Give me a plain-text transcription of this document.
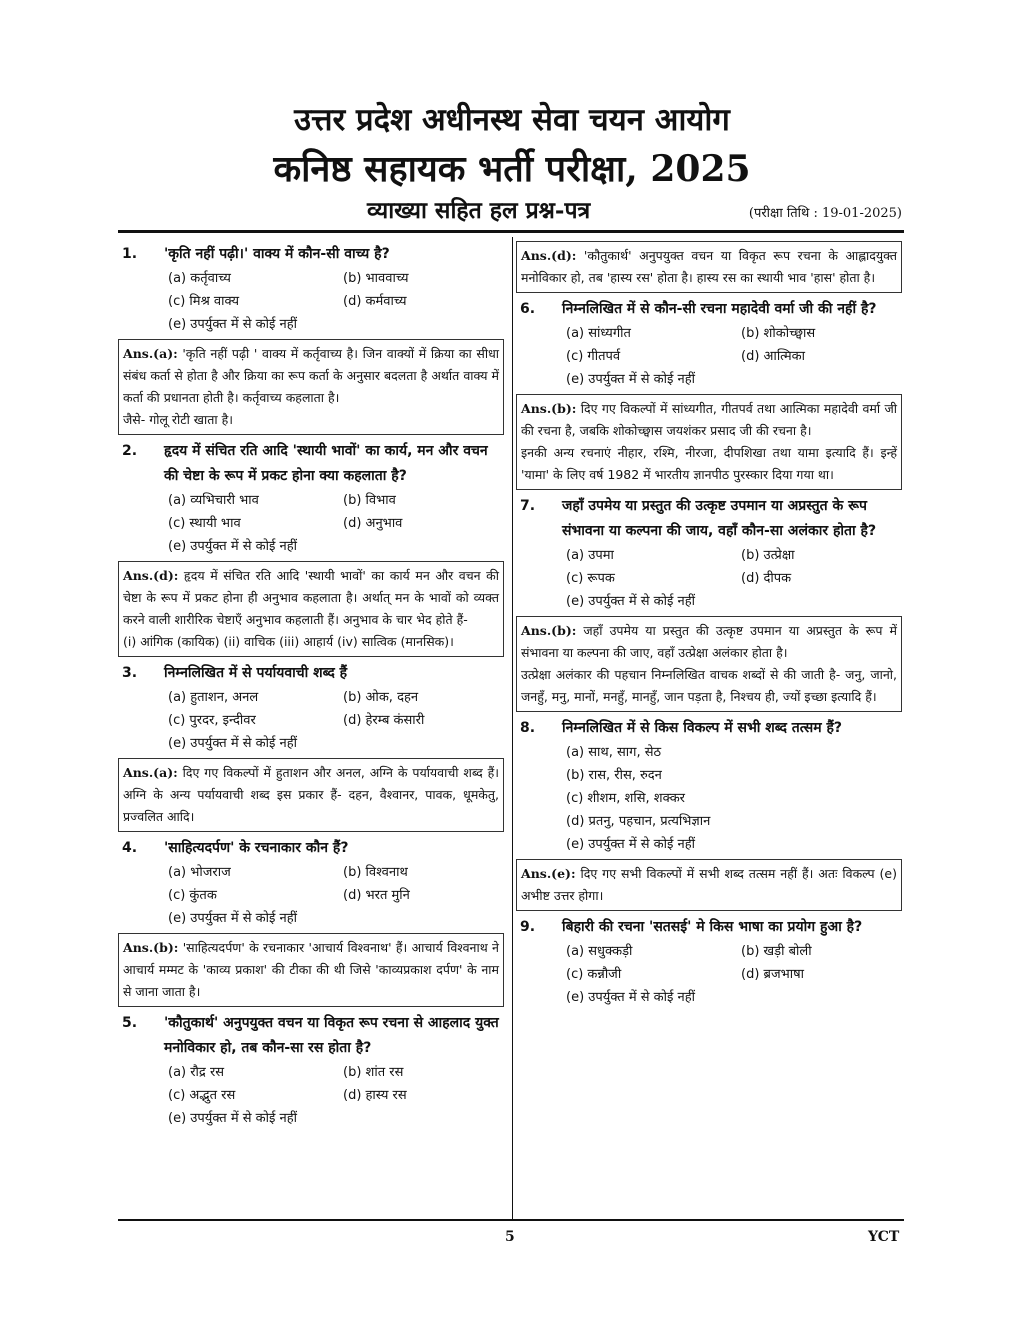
उत्तर प्रदेश अधीनस्थ सेवा चयन आयोग
कनिष्ठ सहायक भर्ती परीक्षा, 2025
व्याख्या सहित हल प्रश्न-पत्र	(परीक्षा तिथि : 19-01-2025)
1. 'कृति नहीं पढ़ी।' वाक्य में कौन-सी वाच्य है?
(a) कर्तृवाच्य	(b) भाववाच्य
(c) मिश्र वाक्य	(d) कर्मवाच्य
(e) उपर्युक्त में से कोई नहीं

Ans.(a): 'कृति नहीं पढ़ी ' वाक्य में कर्तृवाच्य है। जिन वाक्यों में क्रिया का सीधा संबंध कर्ता से होता है और क्रिया का रूप कर्ता के अनुसार बदलता है अर्थात वाक्य में कर्ता की प्रधानता होती है। कर्तृवाच्य कहलाता है।

जैसे- गोलू रोटी खाता है।

2. हृदय में संचित रति आदि 'स्थायी भावों' का कार्य, मन और वचन की चेष्टा के रूप में प्रकट होना क्या कहलाता है?
(a) व्यभिचारी भाव	(b) विभाव
(c) स्थायी भाव	(d) अनुभाव
(e) उपर्युक्त में से कोई नहीं

Ans.(d): हृदय में संचित रति आदि 'स्थायी भावों' का कार्य मन और वचन की चेष्टा के रूप में प्रकट होना ही अनुभाव कहलाता है। अर्थात् मन के भावों को व्यक्त करने वाली शारीरिक चेष्टाएँ अनुभाव कहलाती हैं। अनुभाव के चार भेद होते हैं-

(i) आंगिक (कायिक) (ii) वाचिक (iii) आहार्य (iv) सात्विक (मानसिक)।

3. निम्नलिखित में से पर्यायवाची शब्द हैं
(a) हुताशन, अनल	(b) ओक, दहन
(c) पुरदर, इन्दीवर	(d) हेरम्ब कंसारी
(e) उपर्युक्त में से कोई नहीं

Ans.(a): दिए गए विकल्पों में हुताशन और अनल, अग्नि के पर्यायवाची शब्द हैं। अग्नि के अन्य पर्यायवाची शब्द इस प्रकार हैं- दहन, वैश्वानर, पावक, धूमकेतु, प्रज्वलित आदि।

4. 'साहित्यदर्पण' के रचनाकार कौन हैं?
(a) भोजराज	(b) विश्वनाथ
(c) कुंतक	(d) भरत मुनि
(e) उपर्युक्त में से कोई नहीं

Ans.(b): 'साहित्यदर्पण' के रचनाकार 'आचार्य विश्वनाथ' हैं। आचार्य विश्वनाथ ने आचार्य मम्मट के 'काव्य प्रकाश' की टीका की थी जिसे 'काव्यप्रकाश दर्पण' के नाम से जाना जाता है।

5. 'कौतुकार्थ' अनुपयुक्त वचन या विकृत रूप रचना से आहलाद युक्त मनोविकार हो, तब कौन-सा रस होता है?
(a) रौद्र रस	(b) शांत रस
(c) अद्भुत रस	(d) हास्य रस
(e) उपर्युक्त में से कोई नहीं

Ans.(d): 'कौतुकार्थ' अनुपयुक्त वचन या विकृत रूप रचना के आह्लादयुक्त मनोविकार हो, तब 'हास्य रस' होता है। हास्य रस का स्थायी भाव 'हास' होता है।

6. निम्नलिखित में से कौन-सी रचना महादेवी वर्मा जी की नहीं है?
(a) सांध्यगीत	(b) शोकोच्छ्वास
(c) गीतपर्व	(d) आत्मिका
(e) उपर्युक्त में से कोई नहीं

Ans.(b): दिए गए विकल्पों में सांध्यगीत, गीतपर्व तथा आत्मिका महादेवी वर्मा जी की रचना है, जबकि शोकोच्छ्वास जयशंकर प्रसाद जी की रचना है।

इनकी अन्य रचनाएं नीहार, रश्मि, नीरजा, दीपशिखा तथा यामा इत्यादि हैं। इन्हें 'यामा' के लिए वर्ष 1982 में भारतीय ज्ञानपीठ पुरस्कार दिया गया था।

7. जहाँ उपमेय या प्रस्तुत की उत्कृष्ट उपमान या अप्रस्तुत के रूप संभावना या कल्पना की जाय, वहाँ कौन-सा अलंकार होता है?
(a) उपमा	(b) उत्प्रेक्षा
(c) रूपक	(d) दीपक
(e) उपर्युक्त में से कोई नहीं

Ans.(b): जहाँ उपमेय या प्रस्तुत की उत्कृष्ट उपमान या अप्रस्तुत के रूप में संभावना या कल्पना की जाए, वहाँ उत्प्रेक्षा अलंकार होता है।

उत्प्रेक्षा अलंकार की पहचान निम्नलिखित वाचक शब्दों से की जाती है- जनु, जानो, जनहुँ, मनु, मानों, मनहुँ, मानहुँ, जान पड़ता है, निश्चय ही, ज्यों इच्छा इत्यादि हैं।

8. निम्नलिखित में से किस विकल्प में सभी शब्द तत्सम हैं?
(a) साथ, साग, सेठ
(b) रास, रीस, रुदन
(c) शीशम, शसि, शक्कर
(d) प्रतनु, पहचान, प्रत्यभिज्ञान
(e) उपर्युक्त में से कोई नहीं

Ans.(e): दिए गए सभी विकल्पों में सभी शब्द तत्सम नहीं हैं। अतः विकल्प (e) अभीष्ट उत्तर होगा।

9. बिहारी की रचना 'सतसई' मे किस भाषा का प्रयोग हुआ है?
(a) सधुक्कड़ी	(b) खड़ी बोली
(c) कन्नौजी	(d) ब्रजभाषा
(e) उपर्युक्त में से कोई नहीं
5	YCT
